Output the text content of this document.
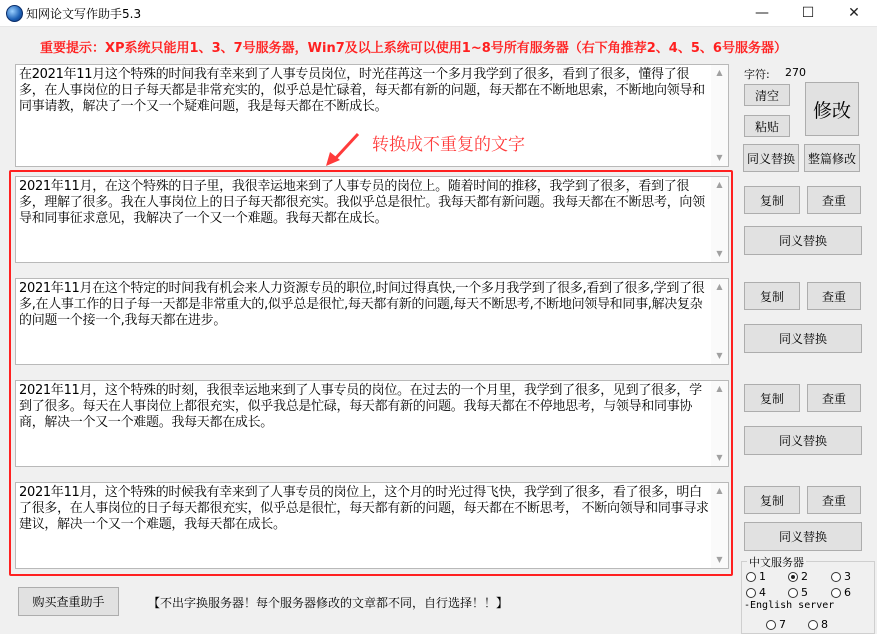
知网论文写作助手5.3	—	☐	✕
重要提示：XP系统只能用1、3、7号服务器，Win7及以上系统可以使用1~8号所有服务器（右下角推荐2、4、5、6号服务器）
在2021年11月这个特殊的时间我有幸来到了人事专员岗位，时光荏苒这一个多月我学到了很多，看到了很多，懂得了很多，在人事岗位的日子每天都是非常充实的，似乎总是忙碌着，每天都有新的问题，每天都在不断地思索，不断地向领导和同事请教，解决了一个又一个疑难问题，我是每天都在不断成长。
▲
▼
字符: 270
清空
粘贴
修改
同义替换	整篇修改
转换成不重复的文字
2021年11月，在这个特殊的日子里，我很幸运地来到了人事专员的岗位上。随着时间的推移，我学到了很多，看到了很多，理解了很多。我在人事岗位上的日子每天都很充实。我似乎总是很忙。我每天都有新问题。我每天都在不断思考，向领导和同事征求意见，我解决了一个又一个难题。我每天都在成长。
▲
▼
复制	查重
同义替换
2021年11月在这个特定的时间我有机会来人力资源专员的职位,时间过得真快,一个多月我学到了很多,看到了很多,学到了很多,在人事工作的日子每一天都是非常重大的,似乎总是很忙,每天都有新的问题,每天不断思考,不断地问领导和同事,解决复杂的问题一个接一个,我每天都在进步。
▲
▼
复制	查重
同义替换
2021年11月，这个特殊的时刻，我很幸运地来到了人事专员的岗位。在过去的一个月里，我学到了很多，见到了很多，学到了很多。每天在人事岗位上都很充实，似乎我总是忙碌，每天都有新的问题。我每天都在不停地思考，与领导和同事协商，解决一个又一个难题。我每天都在成长。
▲
▼
复制	查重
同义替换
2021年11月，这个特殊的时候我有幸来到了人事专员的岗位上，这个月的时光过得飞快，我学到了很多，看了很多，明白了很多，在人事岗位的日子每天都很充实，似乎总是很忙，每天都有新的问题，每天都在不断思考， 不断向领导和同事寻求建议，解决一个又一个难题，我每天都在成长。
▲
▼
复制	查重
同义替换
购买查重助手	【不出字换服务器！每个服务器修改的文章都不同，自行选择！！】
中文服务器
1	2	3
4	5	6
-English server
7	8
